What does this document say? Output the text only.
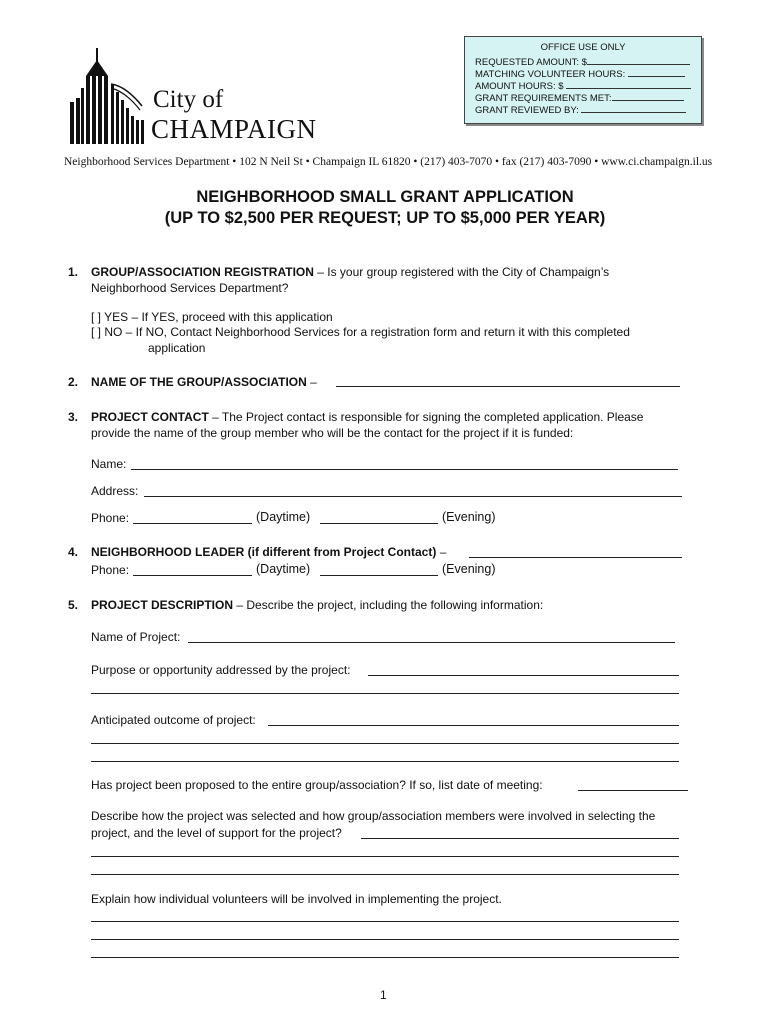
OFFICE USE ONLY
REQUESTED AMOUNT: $
MATCHING VOLUNTEER HOURS:
AMOUNT HOURS: $
GRANT REQUIREMENTS MET:
GRANT REVIEWED BY:
City of
CHAMPAIGN
Neighborhood Services Department • 102 N Neil St • Champaign IL 61820 • (217) 403-7070 • fax (217) 403-7090 • www.ci.champaign.il.us
NEIGHBORHOOD SMALL GRANT APPLICATION
(UP TO $2,500 PER REQUEST; UP TO $5,000 PER YEAR)
1. GROUP/ASSOCIATION REGISTRATION – Is your group registered with the City of Champaign’s
Neighborhood Services Department?
[ ] YES – If YES, proceed with this application
[ ] NO – If NO, Contact Neighborhood Services for a registration form and return it with this completed
application
2. NAME OF THE GROUP/ASSOCIATION –
3. PROJECT CONTACT – The Project contact is responsible for signing the completed application. Please
provide the name of the group member who will be the contact for the project if it is funded:
Name:
Address:
Phone:	(Daytime)	(Evening)
4. NEIGHBORHOOD LEADER (if different from Project Contact) –
Phone:	(Daytime)	(Evening)
5. PROJECT DESCRIPTION – Describe the project, including the following information:
Name of Project:
Purpose or opportunity addressed by the project:
Anticipated outcome of project:
Has project been proposed to the entire group/association? If so, list date of meeting:
Describe how the project was selected and how group/association members were involved in selecting the
project, and the level of support for the project?
Explain how individual volunteers will be involved in implementing the project.
1
